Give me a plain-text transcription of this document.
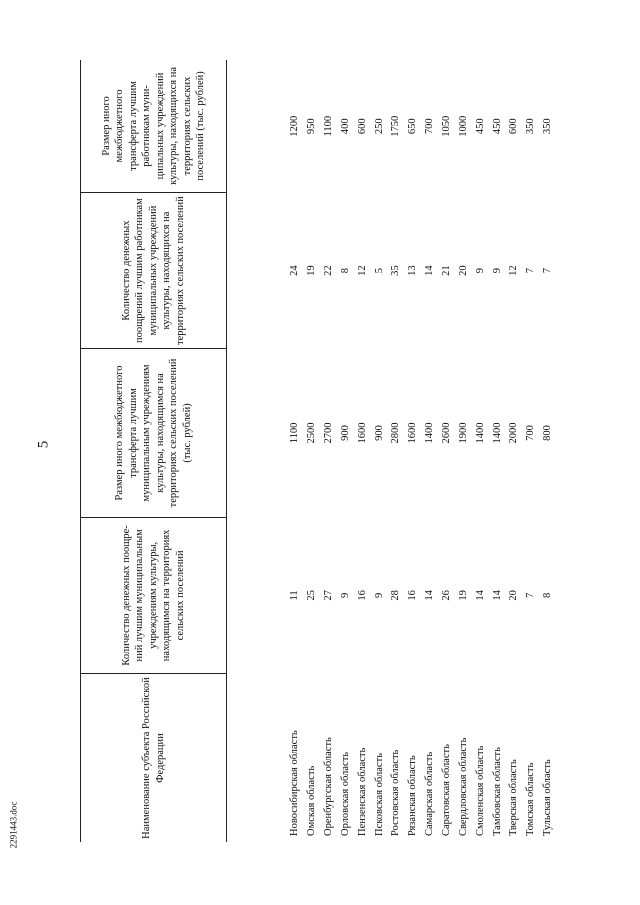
5
2291443.doc	Наименование субъекта Российской Федерации	Количество денежных поощре-ний лучшим муниципальным учреждениям культуры, находящимся на территориях сельских поселений	Размер иного межбюджетного трансферта лучшим муниципальным учреждениям культуры, находящимся на территориях сельских поселений (тыс. рублей)	Количество денежных поощрений лучшим работникам муниципальных учреждений культуры, находящихся на территориях сельских поселений	Размер иного межбюджетного трансферта лучшим работникам муни-ципальных учреждений культуры, находящихся на территориях сельских поселений (тыс. рублей)

Новосибирская область	11	1100	24	1200
Омская область	25	2500	19	950
Оренбургская область	27	2700	22	1100
Орловская область	9	900	8	400
Пензенская область	16	1600	12	600
Псковская область	9	900	5	250
Ростовская область	28	2800	35	1750
Рязанская область	16	1600	13	650
Самарская область	14	1400	14	700
Саратовская область	26	2600	21	1050
Свердловская область	19	1900	20	1000
Смоленская область	14	1400	9	450
Тамбовская область	14	1400	9	450
Тверская область	20	2000	12	600
Томская область	7	700	7	350
Тульская область	8	800	7	350
